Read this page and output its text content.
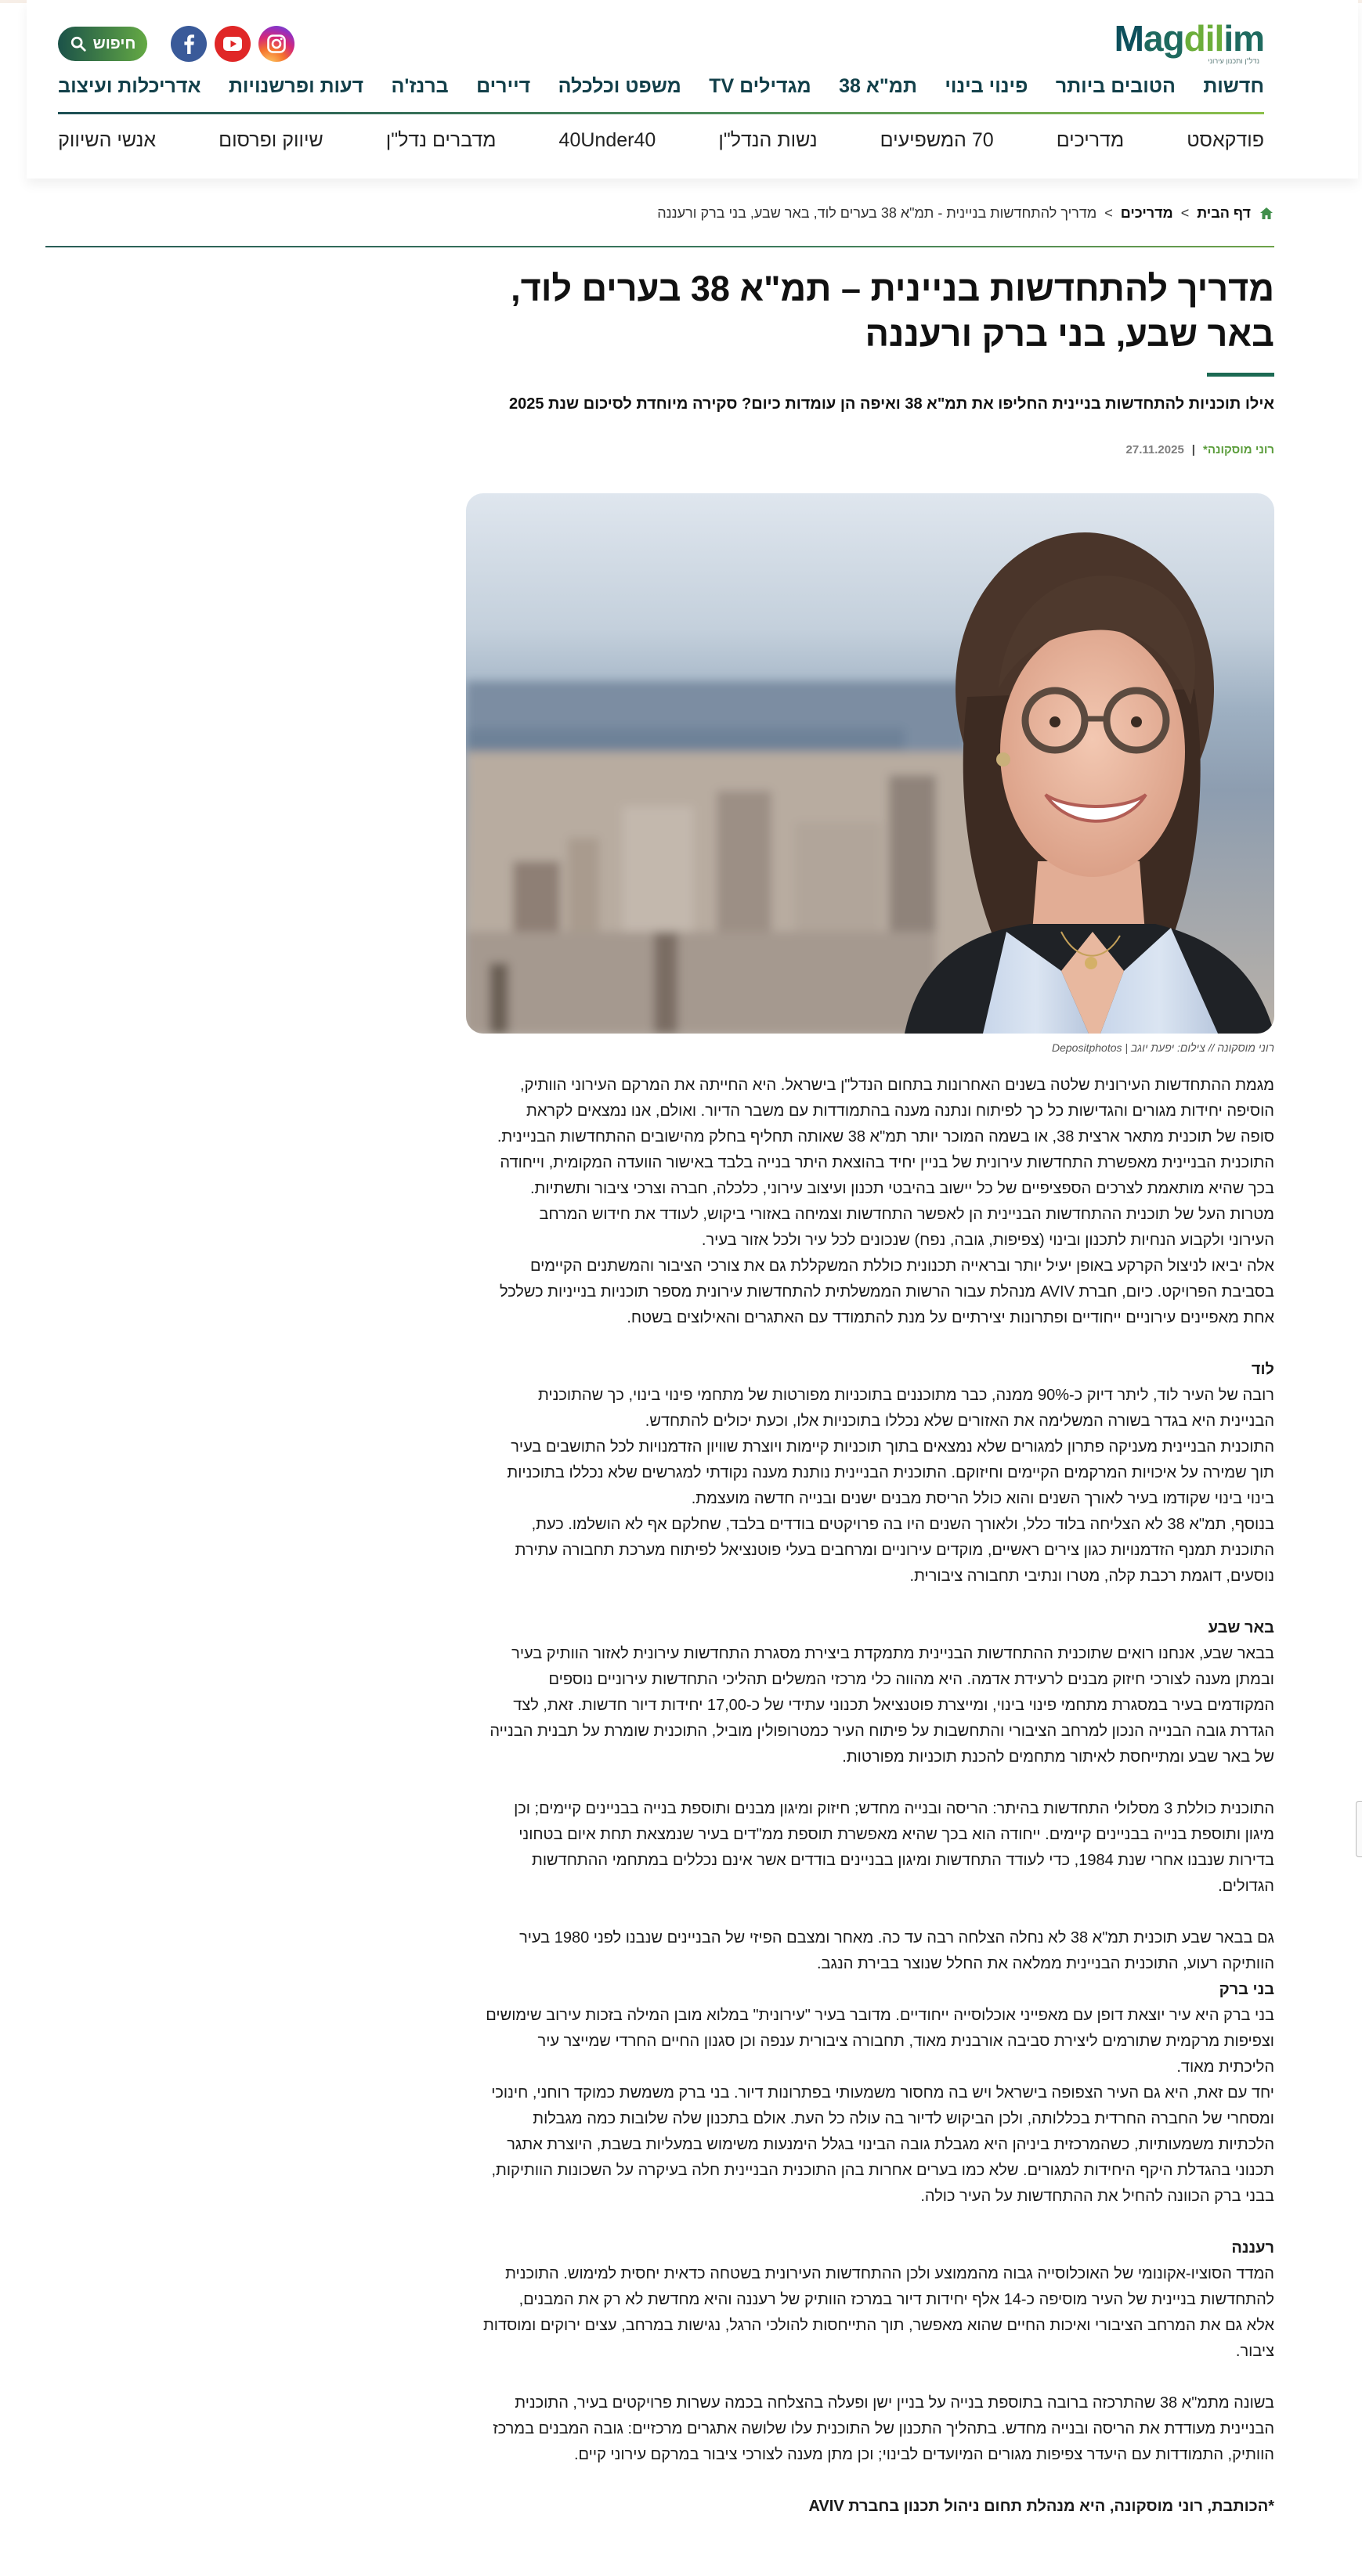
Magdilim
נדל"ן ותכנון עירוני
חיפוש
חדשות
הטובים ביותר
פינוי בינוי
תמ"א 38
מגדילים TV
משפט וכלכלה
דיירים
ברנז'ה
דעות ופרשנויות
אדריכלות ועיצוב
פודקאסט
מדריכים
70 המשפיעים
נשות הנדל"ן
40Under40
מדברים נדל"ן
שיווק ופרסום
אנשי השיווק
דף הבית
>
מדריכים
>
מדריך להתחדשות בניינית - תמ"א 38 בערים לוד, באר שבע, בני ברק ורעננה
מדריך להתחדשות בניינית – תמ"א 38 בערים לוד,
באר שבע, בני ברק ורעננה
אילו תוכניות להתחדשות בניינית החליפו את תמ"א 38 ואיפה הן עומדות כיום? סקירה מיוחדת לסיכום שנת 2025
רוני מוסקונה*
|
27.11.2025
רוני מוסקונה // צילום: יפעת יוגב | Depositphotos

מגמת ההתחדשות העירונית שלטה בשנים האחרונות בתחום הנדל"ן בישראל. היא החייתה את המרקם העירוני הוותיק,

הוסיפה יחידות מגורים והגדישות כל כך לפיתוח ונתנה מענה בהתמודדות עם משבר הדיור. ואולם, אנו נמצאים לקראת

סופה של תוכנית מתאר ארצית 38, או בשמה המוכר יותר תמ"א 38 שאותה תחליף בחלק מהישובים ההתחדשות הבניינית.

התוכנית הבניינית מאפשרת התחדשות עירונית של בניין יחיד בהוצאת היתר בנייה בלבד באישור הוועדה המקומית, וייחודה

בכך שהיא מותאמת לצרכים הספציפיים של כל יישוב בהיבטי תכנון ועיצוב עירוני, כלכלה, חברה וצרכי ציבור ותשתיות.

מטרות העל של תוכנית ההתחדשות הבניינית הן לאפשר התחדשות וצמיחה באזורי ביקוש, לעודד את חידוש המרחב

העירוני ולקבוע הנחיות לתכנון ובינוי (צפיפות, גובה, נפח) שנכונים לכל עיר ולכל אזור בעיר.

אלה יביאו לניצול הקרקע באופן יעיל יותר ובראייה תכנונית כוללת המשקללת גם את צורכי הציבור והמשתנים הקיימים

בסביבת הפרויקט. כיום, חברת AVIV מנהלת עבור הרשות הממשלתית להתחדשות עירונית מספר תוכניות בנייניות כשלכל

אחת מאפיינים עירוניים ייחודיים ופתרונות יצירתיים על מנת להתמודד עם האתגרים והאילוצים בשטח.

לוד

רובה של העיר לוד, ליתר דיוק כ-90% ממנה, כבר מתוכננים בתוכניות מפורטות של מתחמי פינוי בינוי, כך שהתוכנית

הבניינית היא בגדר בשורה המשלימה את האזורים שלא נכללו בתוכניות אלו, וכעת יכולים להתחדש.

התוכנית הבניינית מעניקה פתרון למגורים שלא נמצאים בתוך תוכניות קיימות ויוצרת שוויון הזדמנויות לכל התושבים בעיר

תוך שמירה על איכויות המרקמים הקיימים וחיזוקם. התוכנית הבניינית נותנת מענה נקודתי למגרשים שלא נכללו בתוכניות

בינוי בינוי שקודמו בעיר לאורך השנים והוא כולל הריסת מבנים ישנים ובנייה חדשה מועצמת.

בנוסף, תמ"א 38 לא הצליחה בלוד כלל, ולאורך השנים היו בה פרויקטים בודדים בלבד, שחלקם אף לא הושלמו. כעת,

התוכנית תמנף הזדמנויות כגון צירים ראשיים, מוקדים עירוניים ומרחבים בעלי פוטנציאל לפיתוח מערכת תחבורה עתירת

נוסעים, דוגמת רכבת קלה, מטרו ונתיבי תחבורה ציבורית.

באר שבע

בבאר שבע, אנחנו רואים שתוכנית ההתחדשות הבניינית מתמקדת ביצירת מסגרת התחדשות עירונית לאזור הוותיק בעיר

ובמתן מענה לצורכי חיזוק מבנים לרעידת אדמה. היא מהווה כלי מרכזי המשלים תהליכי התחדשות עירוניים נוספים

המקודמים בעיר במסגרת מתחמי פינוי בינוי, ומייצרת פוטנציאל תכנוני עתידי של כ-17,00 יחידות דיור חדשות. זאת, לצד

הגדרת גובה הבנייה הנכון למרחב הציבורי והתחשבות על פיתוח העיר כמטרופולין מוביל, התוכנית שומרת על תבנית הבנייה

של באר שבע ומתייחסת לאיתור מתחמים להכנת תוכניות מפורטות.

התוכנית כוללת 3 מסלולי התחדשות בהיתר: הריסה ובנייה מחדש; חיזוק ומיגון מבנים ותוספת בנייה בבניינים קיימים; וכן

מיגון ותוספת בנייה בבניינים קיימים. ייחודה הוא בכך שהיא מאפשרת תוספת ממ"דים בעיר שנמצאת תחת איום בטחוני

בדירות שנבנו אחרי שנת 1984, כדי לעודד התחדשות ומיגון בבניינים בודדים אשר אינם נכללים במתחמי ההתחדשות

הגדולים.

גם בבאר שבע תוכנית תמ"א 38 לא נחלה הצלחה רבה עד כה. מאחר ומצבם הפיזי של הבניינים שנבנו לפני 1980 בעיר

הוותיקה רעוע, התוכנית הבניינית ממלאה את החלל שנוצר בבירת הנגב.

בני ברק

בני ברק היא עיר יוצאת דופן עם מאפייני אוכלוסייה ייחודיים. מדובר בעיר "עירונית" במלוא מובן המילה בזכות עירוב שימושים

וצפיפות מרקמית שתורמים ליצירת סביבה אורבנית מאוד, תחבורה ציבורית ענפה וכן סגנון החיים החרדי שמייצר עיר

הליכתית מאוד.

יחד עם זאת, היא גם העיר הצפופה בישראל ויש בה מחסור משמעותי בפתרונות דיור. בני ברק משמשת כמוקד רוחני, חינוכי

ומסחרי של החברה החרדית בכללותה, ולכן הביקוש לדיור בה עולה כל העת. אולם בתכנון שלה שלובות כמה מגבלות

הלכתיות משמעותיות, כשהמרכזית ביניהן היא מגבלת גובה הבינוי בגלל הימנעות משימוש במעליות בשבת, היוצרת אתגר

תכנוני בהגדלת היקף היחידות למגורים. שלא כמו בערים אחרות בהן התוכנית הבניינית חלה בעיקרה על השכונות הוותיקות,

בבני ברק הכוונה להחיל את ההתחדשות על העיר כולה.

רעננה

המדד הסוציו-אקונומי של האוכלוסייה גבוה מהממוצע ולכן ההתחדשות העירונית בשטחה כדאית יחסית למימוש. התוכנית

להתחדשות בניינית של העיר מוסיפה כ-14 אלף יחידות דיור במרכז הוותיק של רעננה והיא מחדשת לא רק את המבנים,

אלא גם את המרחב הציבורי ואיכות החיים שהוא מאפשר, תוך התייחסות להולכי הרגל, נגישות במרחב, עצים ירוקים ומוסדות

ציבור.

בשונה מתמ"א 38 שהתרכזה ברובה בתוספת בנייה על בניין ישן ופעלה בהצלחה בכמה עשרות פרויקטים בעיר, התוכנית

הבניינית מעודדת את הריסה ובנייה מחדש. בתהליך התכנון של התוכנית עלו שלושה אתגרים מרכזיים: גובה המבנים במרכז

הוותיק, התמודדות עם היעדר צפיפות מגורים המיועדים לבינוי; וכן מתן מענה לצורכי ציבור במרקם עירוני קיים.

*הכותבת, רוני מוסקונה, היא מנהלת תחום ניהול תכנון בחברת AVIV
